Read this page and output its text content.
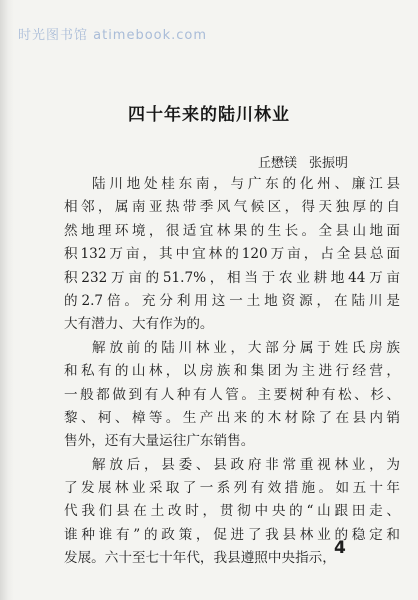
时光图书馆 atimebook.com
四十年来的陆川林业
丘懋镁 张振明
陆川地处桂东南，与广东的化州、廉江县
相邻，属南亚热带季风气候区，得天独厚的自
然地理环境，很适宜林果的生长。全县山地面
积132万亩，其中宜林的120万亩，占全县总面
积232万亩的51.7%，相当于农业耕地44万亩
的2.7倍。充分利用这一土地资源，在陆川是
大有潜力、大有作为的。
解放前的陆川林业，大部分属于姓氏房族
和私有的山林，以房族和集团为主进行经营，
一般都做到有人种有人管。主要树种有松、杉、
黎、柯、樟等。生产出来的木材除了在县内销
售外，还有大量运往广东销售。
解放后，县委、县政府非常重视林业，为
了发展林业采取了一系列有效措施。如五十年
代我们县在土改时，贯彻中央的“山跟田走、
谁种谁有”的政策，促进了我县林业的稳定和
发展。六十至七十年代，我县遵照中央指示，
4
